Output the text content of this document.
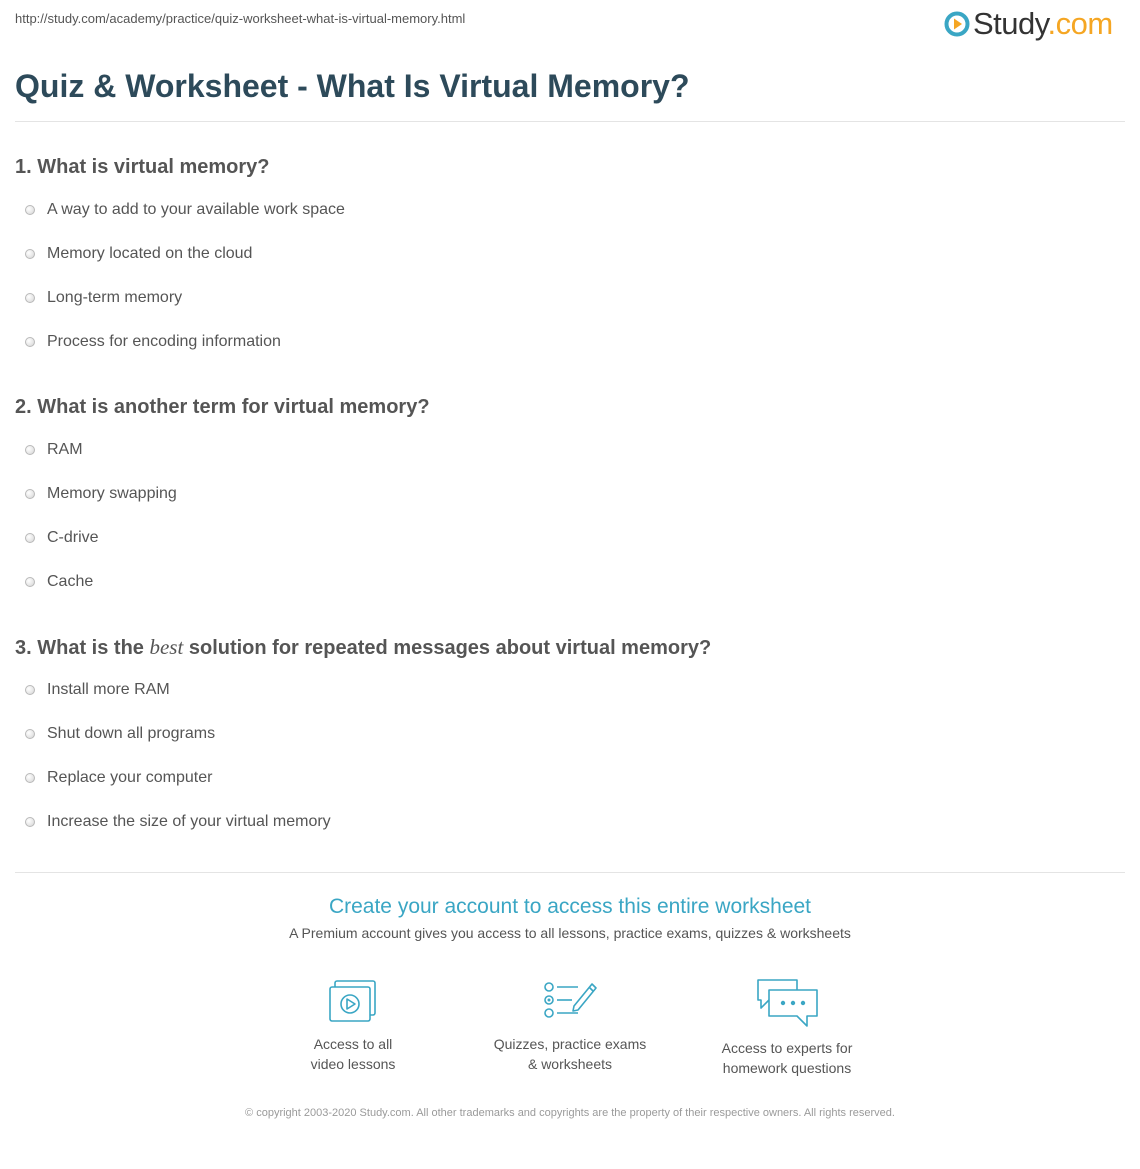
http://study.com/academy/practice/quiz-worksheet-what-is-virtual-memory.html	Study.com
Quiz & Worksheet - What Is Virtual Memory?
1. What is virtual memory?
A way to add to your available work space
Memory located on the cloud
Long-term memory
Process for encoding information
2. What is another term for virtual memory?
RAM
Memory swapping
C-drive
Cache
3. What is the best solution for repeated messages about virtual memory?
Install more RAM
Shut down all programs
Replace your computer
Increase the size of your virtual memory
Create your account to access this entire worksheet
A Premium account gives you access to all lessons, practice exams, quizzes & worksheets
Access to all
video lessons
Quizzes, practice exams
& worksheets
Access to experts for
homework questions
© copyright 2003-2020 Study.com. All other trademarks and copyrights are the property of their respective owners. All rights reserved.
